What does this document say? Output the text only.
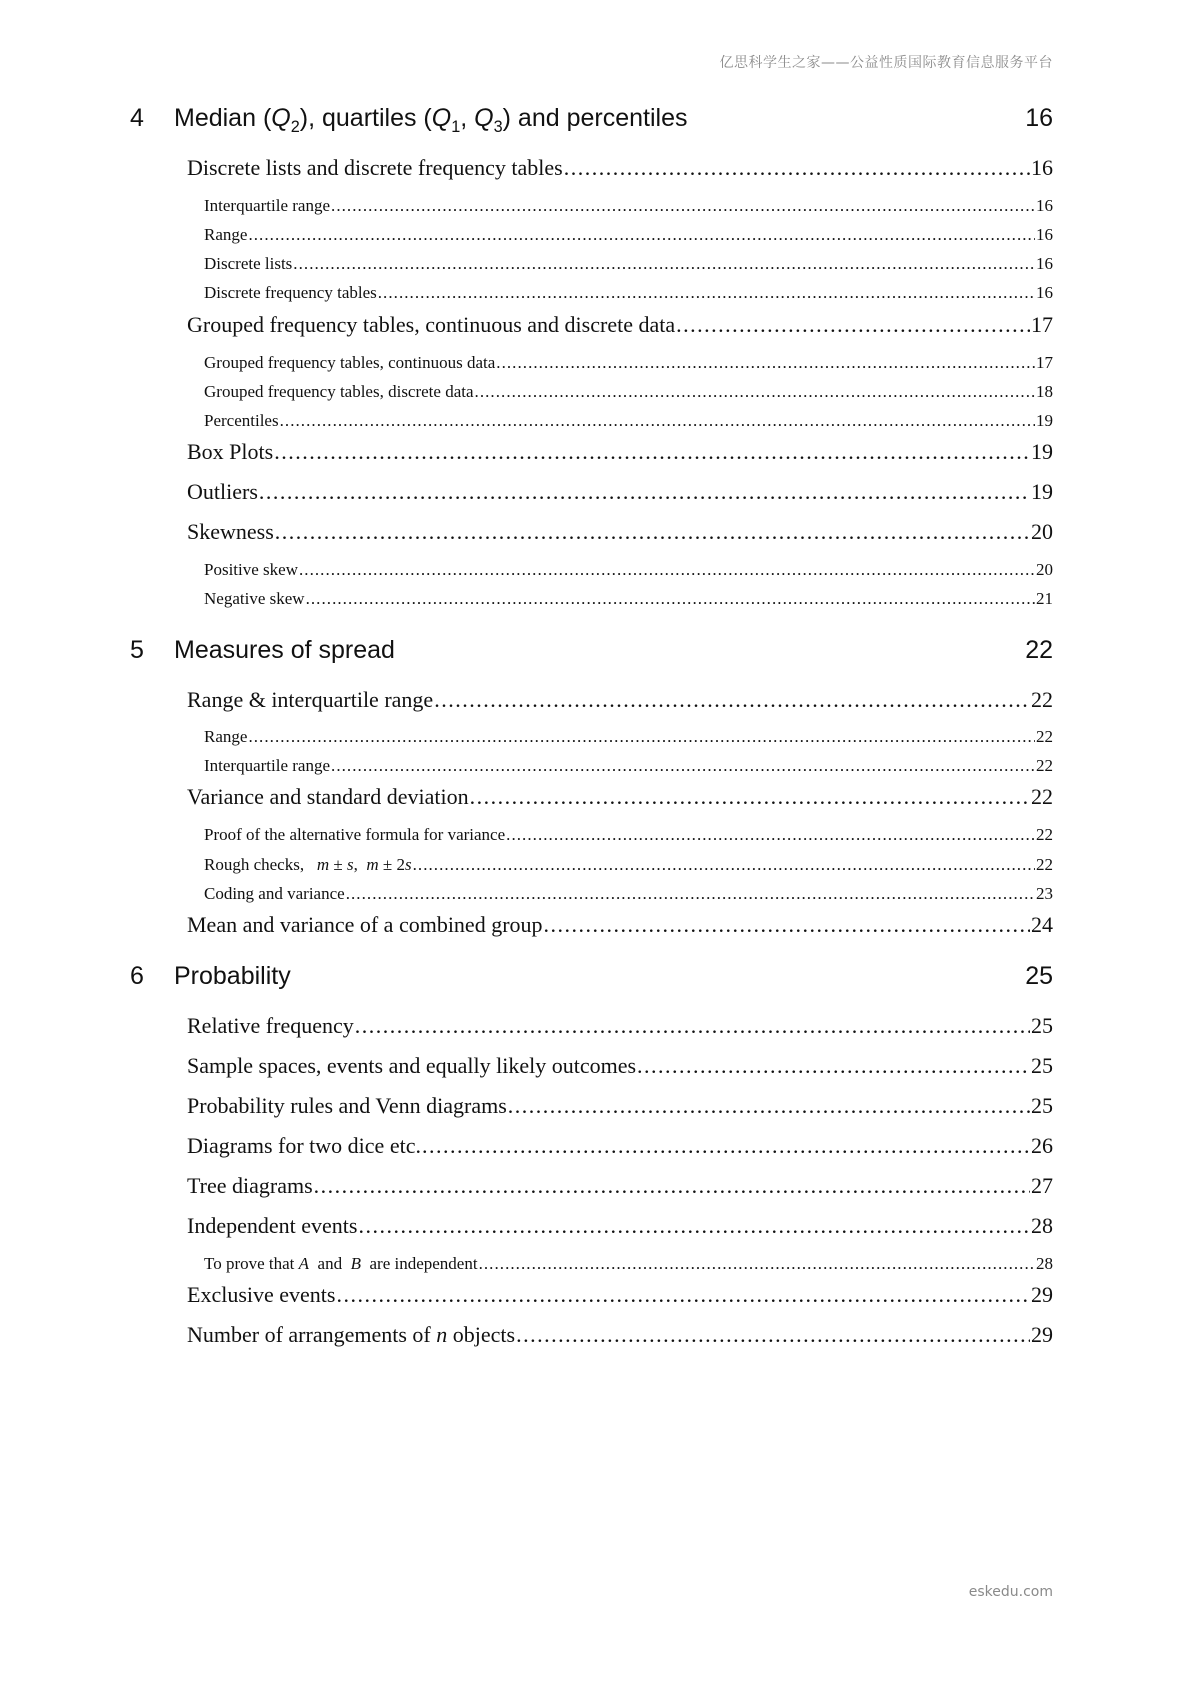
亿思科学生之家——公益性质国际教育信息服务平台
4	Median $(Q_2)$, quartiles ($Q_1$, $Q_3$) and percentiles	16
Discrete lists and discrete frequency tables . . .	16
Interquartile range . . .	16
Range . . .	16
Discrete lists . . .	16
Discrete frequency tables . . .	16
Grouped frequency tables, continuous and discrete data . . .	17
Grouped frequency tables, continuous data . . .	17
Grouped frequency tables, discrete data . . .	18
Percentiles . . .	19
Box Plots . . .	19
Outliers . . .	19
Skewness . . .	20
Positive skew . . .	20
Negative skew . . .	21
5	Measures of spread	22
Range & interquartile range . . .	22
Range . . .	22
Interquartile range . . .	22
Variance and standard deviation . . .	22
Proof of the alternative formula for variance . . .	22
Rough checks, m ± s, m ± 2s . . .	22
Coding and variance . . .	23
Mean and variance of a combined group . . .	24
6	Probability	25
Relative frequency . . .	25
Sample spaces, events and equally likely outcomes . . .	25
Probability rules and Venn diagrams . . .	25
Diagrams for two dice etc. . . .	26
Tree diagrams . . .	27
Independent events . . .	28
To prove that A and B are independent . . .	28
Exclusive events . . .	29
Number of arrangements of n objects . . .	29
eskedu.com
